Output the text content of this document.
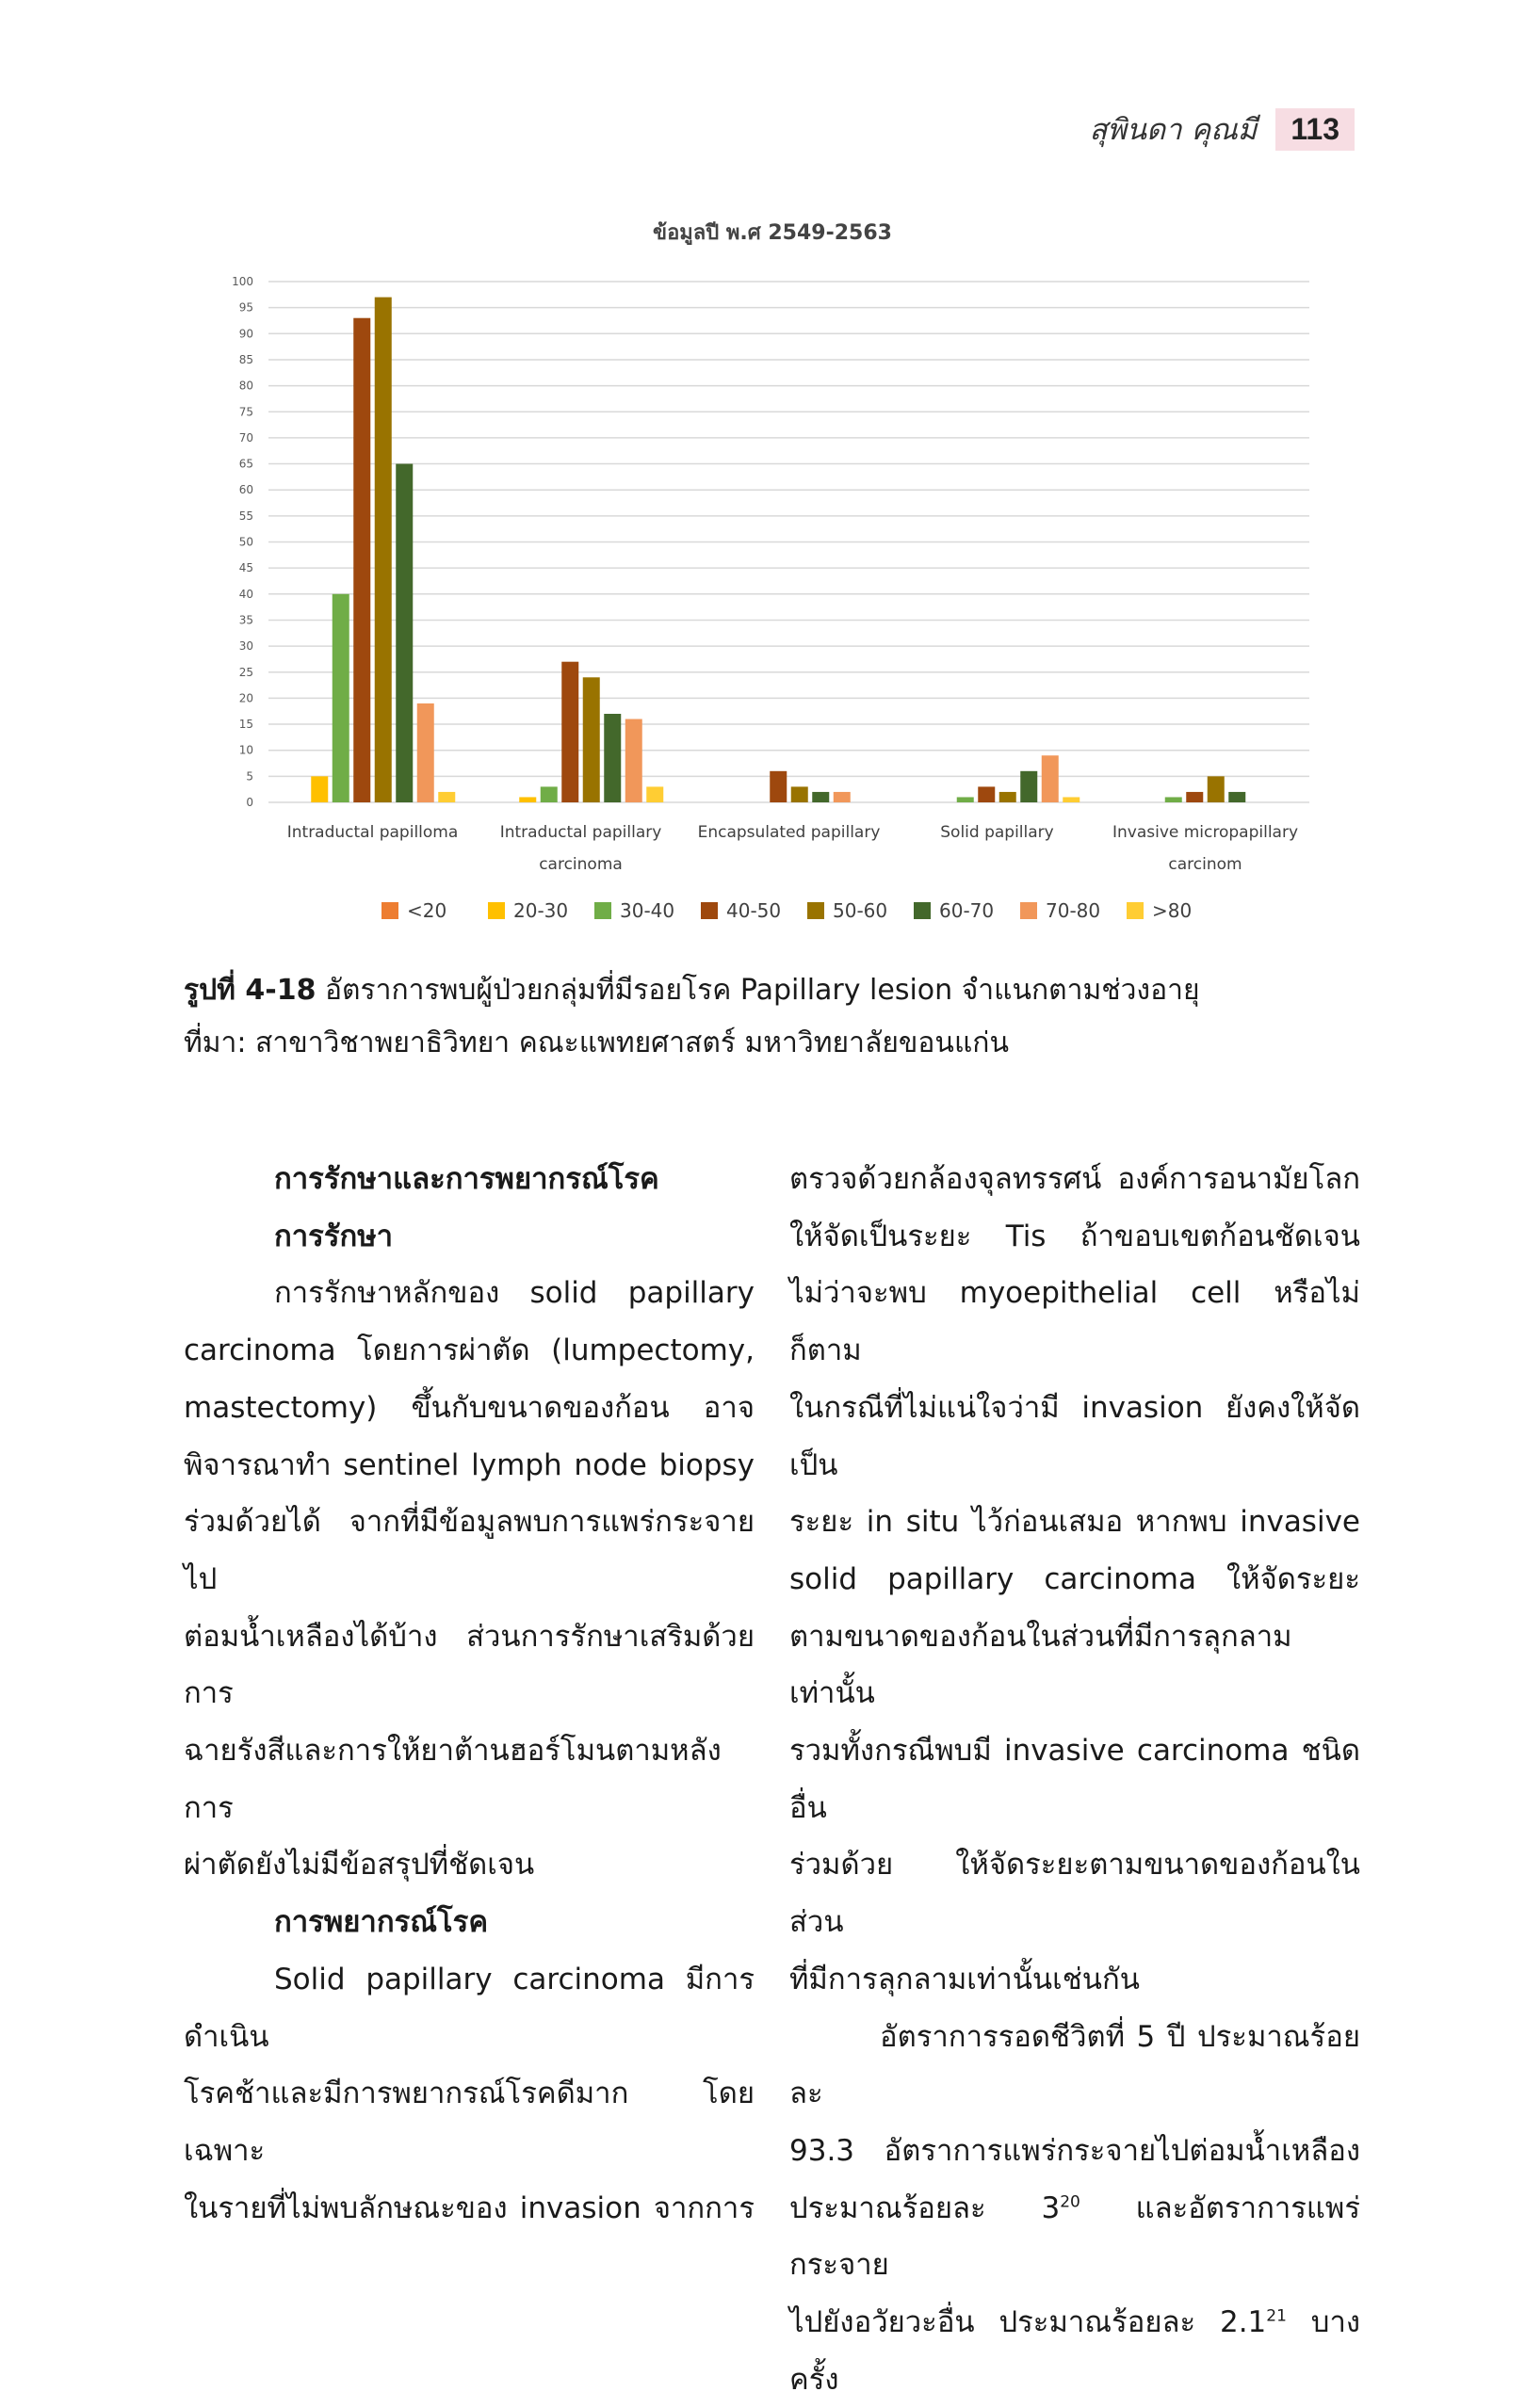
สุพินดา คุณมี	113
ข้อมูลปี พ.ศ 2549-2563
100
95
90
85
80
75
70
65
60
55
50
45
40
35
30
25
20
15
10
5
0
Intraductal papilloma	Intraductal papillary
carcinoma
Encapsulated papillary	Solid papillary	Invasive micropapillary
carcinom
<20	20-30	30-40	40-50	50-60	60-70	70-80	>80
รูปที่ 4-18 อัตราการพบผู้ป่วยกลุ่มที่มีรอยโรค Papillary lesion จำแนกตามช่วงอายุ
ที่มา: สาขาวิชาพยาธิวิทยา คณะแพทยศาสตร์ มหาวิทยาลัยขอนแก่น

การรักษาและการพยากรณ์โรค

การรักษา

การรักษาหลักของ solid papillary

carcinoma โดยการผ่าตัด (lumpectomy,

mastectomy) ขึ้นกับขนาดของก้อน อาจ

พิจารณาทำ sentinel lymph node biopsy

ร่วมด้วยได้ จากที่มีข้อมูลพบการแพร่กระจายไป

ต่อมน้ำเหลืองได้บ้าง ส่วนการรักษาเสริมด้วยการ

ฉายรังสีและการให้ยาต้านฮอร์โมนตามหลังการ

ผ่าตัดยังไม่มีข้อสรุปที่ชัดเจน

การพยากรณ์โรค

Solid papillary carcinoma มีการดำเนิน

โรคช้าและมีการพยากรณ์โรคดีมาก โดยเฉพาะ

ในรายที่ไม่พบลักษณะของ invasion จากการ

ตรวจด้วยกล้องจุลทรรศน์ องค์การอนามัยโลก

ให้จัดเป็นระยะ Tis ถ้าขอบเขตก้อนชัดเจน

ไม่ว่าจะพบ myoepithelial cell หรือไม่ก็ตาม

ในกรณีที่ไม่แน่ใจว่ามี invasion ยังคงให้จัดเป็น

ระยะ in situ ไว้ก่อนเสมอ หากพบ invasive

solid papillary carcinoma ให้จัดระยะ

ตามขนาดของก้อนในส่วนที่มีการลุกลามเท่านั้น

รวมทั้งกรณีพบมี invasive carcinoma ชนิดอื่น

ร่วมด้วย ให้จัดระยะตามขนาดของก้อนในส่วน

ที่มีการลุกลามเท่านั้นเช่นกัน

อัตราการรอดชีวิตที่ 5 ปี ประมาณร้อยละ

93.3 อัตราการแพร่กระจายไปต่อมน้ำเหลือง

ประมาณร้อยละ $3^{20}$ และอัตราการแพร่กระจาย

ไปยังอวัยวะอื่น ประมาณร้อยละ $2.1^{21}$ บางครั้ง
